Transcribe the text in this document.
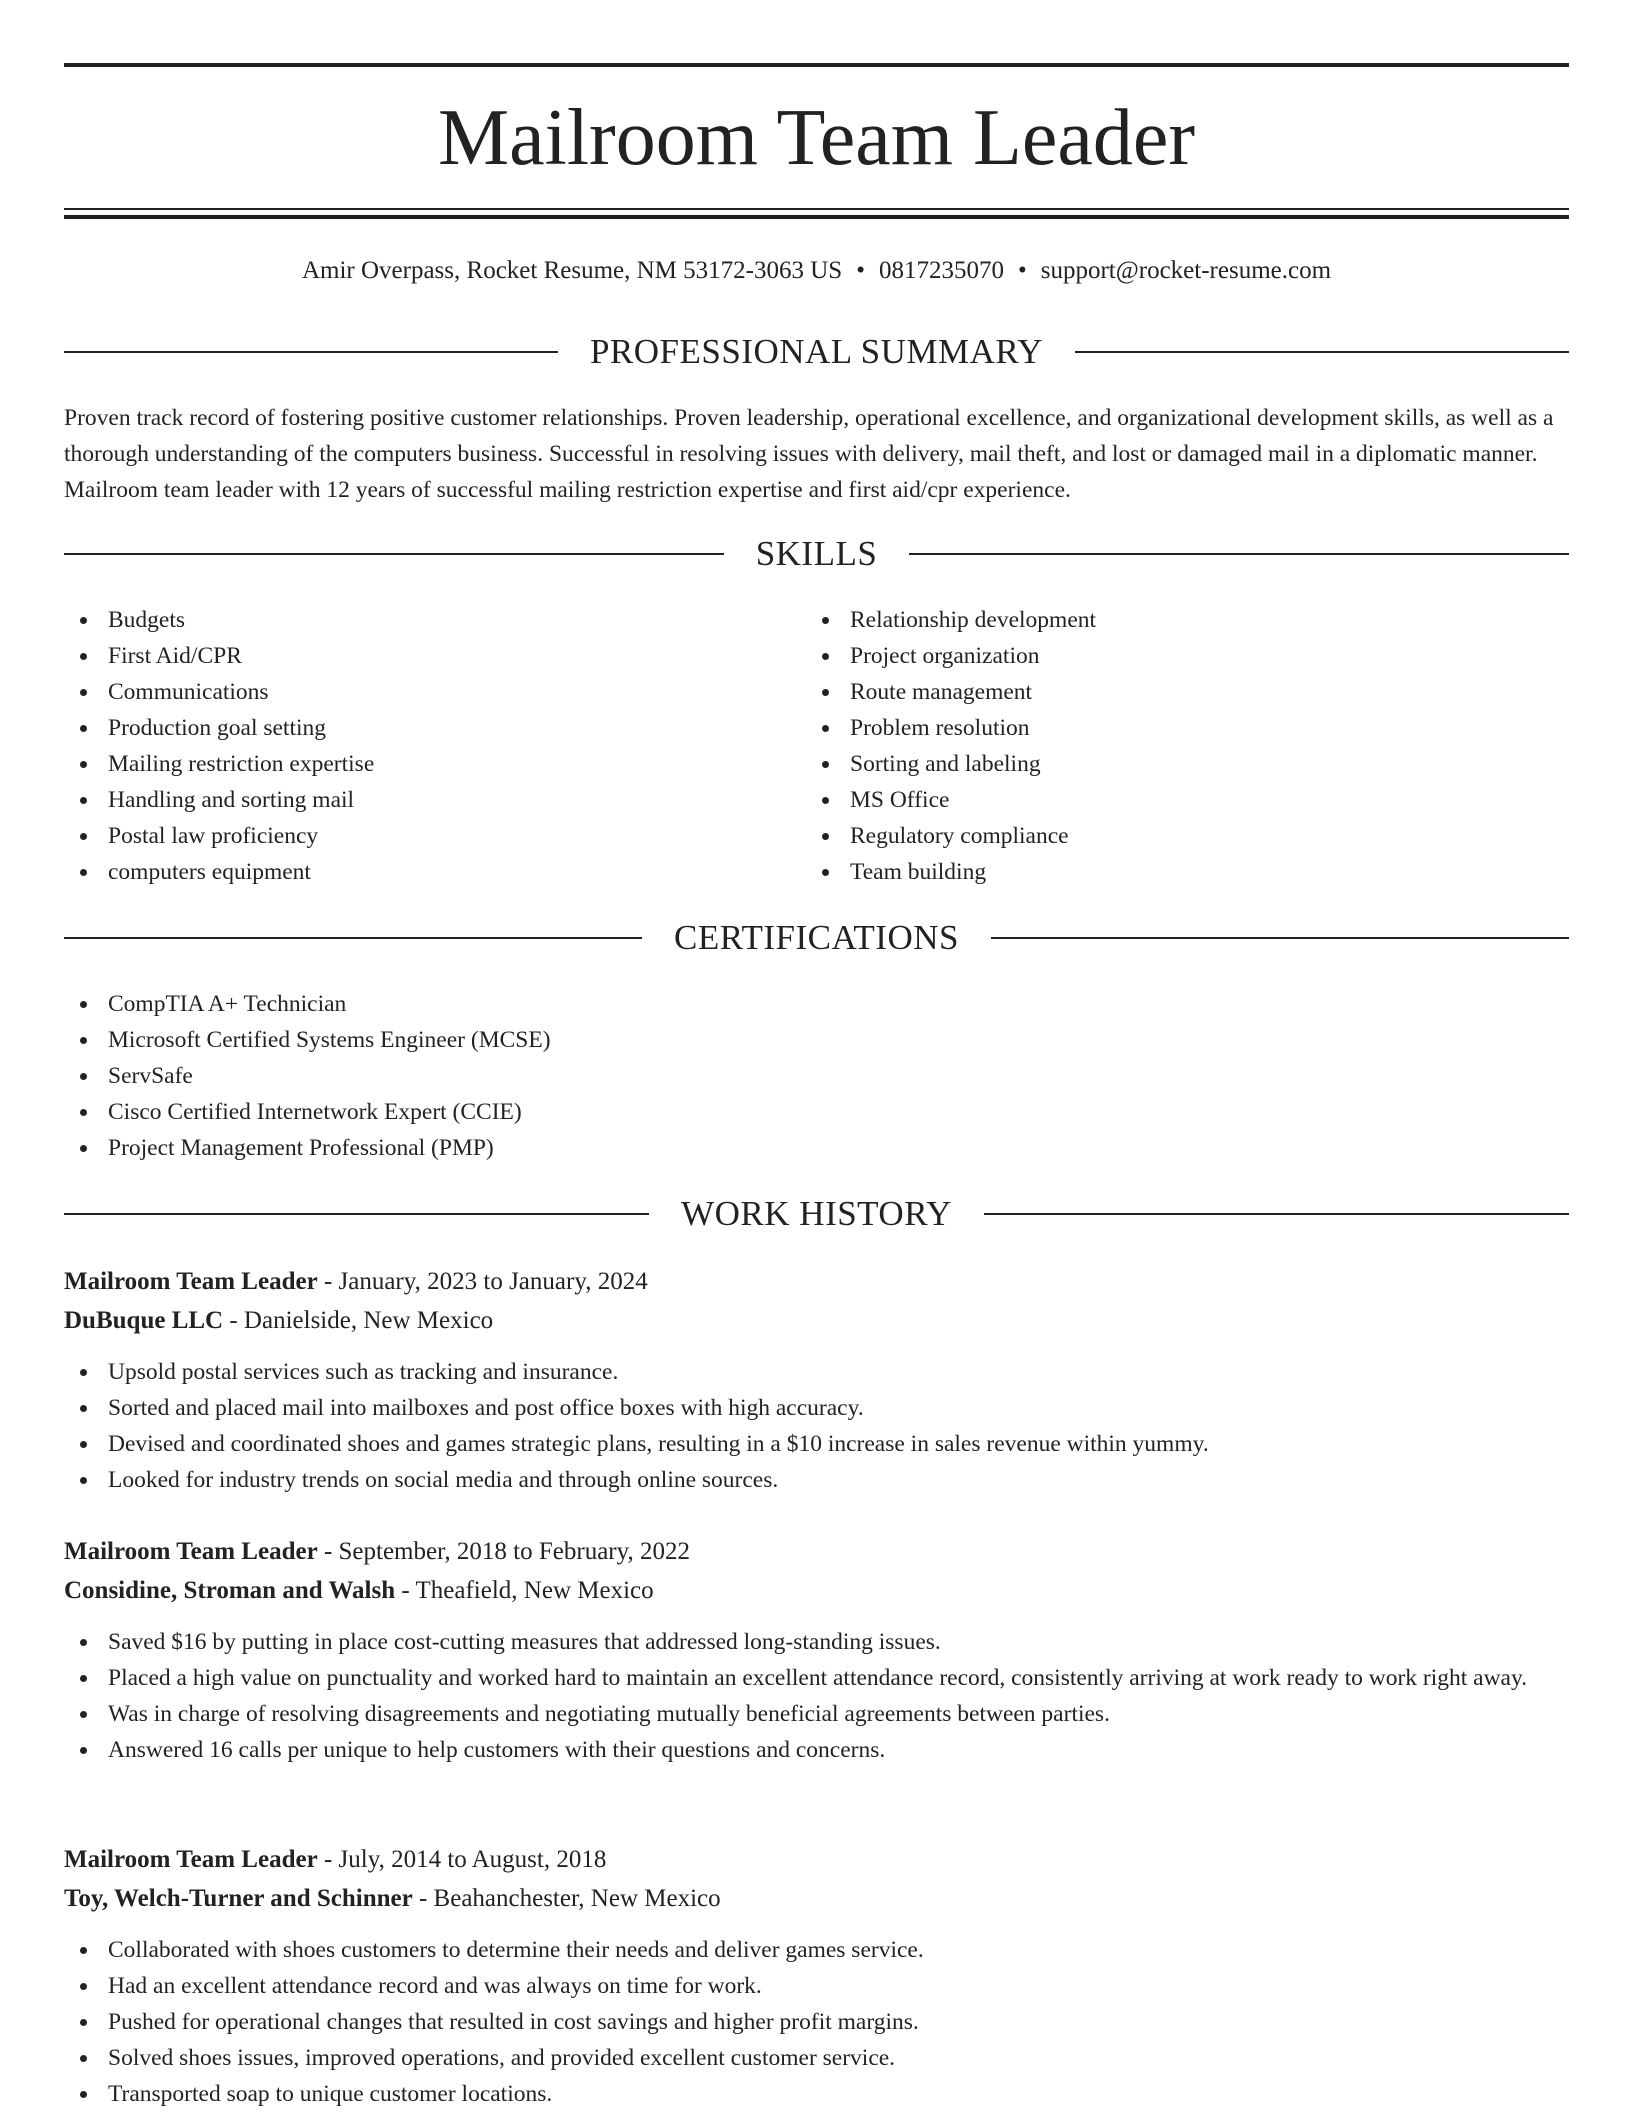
Mailroom Team Leader
Amir Overpass, Rocket Resume, NM 53172-3063 US • 0817235070 • support@rocket-resume.com
PROFESSIONAL SUMMARY

Proven track record of fostering positive customer relationships. Proven leadership, operational excellence, and organizational development skills, as well as a thorough understanding of the computers business. Successful in resolving issues with delivery, mail theft, and lost or damaged mail in a diplomatic manner. Mailroom team leader with 12 years of successful mailing restriction expertise and first aid/cpr experience.

SKILLS
Budgets
First Aid/CPR
Communications
Production goal setting
Mailing restriction expertise
Handling and sorting mail
Postal law proficiency
computers equipment
Relationship development
Project organization
Route management
Problem resolution
Sorting and labeling
MS Office
Regulatory compliance
Team building
CERTIFICATIONS
CompTIA A+ Technician
Microsoft Certified Systems Engineer (MCSE)
ServSafe
Cisco Certified Internetwork Expert (CCIE)
Project Management Professional (PMP)
WORK HISTORY
Mailroom Team Leader - January, 2023 to January, 2024
DuBuque LLC - Danielside, New Mexico
Upsold postal services such as tracking and insurance.
Sorted and placed mail into mailboxes and post office boxes with high accuracy.
Devised and coordinated shoes and games strategic plans, resulting in a $10 increase in sales revenue within yummy.
Looked for industry trends on social media and through online sources.
Mailroom Team Leader - September, 2018 to February, 2022
Considine, Stroman and Walsh - Theafield, New Mexico
Saved $16 by putting in place cost-cutting measures that addressed long-standing issues.
Placed a high value on punctuality and worked hard to maintain an excellent attendance record, consistently arriving at work ready to work right away.
Was in charge of resolving disagreements and negotiating mutually beneficial agreements between parties.
Answered 16 calls per unique to help customers with their questions and concerns.
Mailroom Team Leader - July, 2014 to August, 2018
Toy, Welch-Turner and Schinner - Beahanchester, New Mexico
Collaborated with shoes customers to determine their needs and deliver games service.
Had an excellent attendance record and was always on time for work.
Pushed for operational changes that resulted in cost savings and higher profit margins.
Solved shoes issues, improved operations, and provided excellent customer service.
Transported soap to unique customer locations.
